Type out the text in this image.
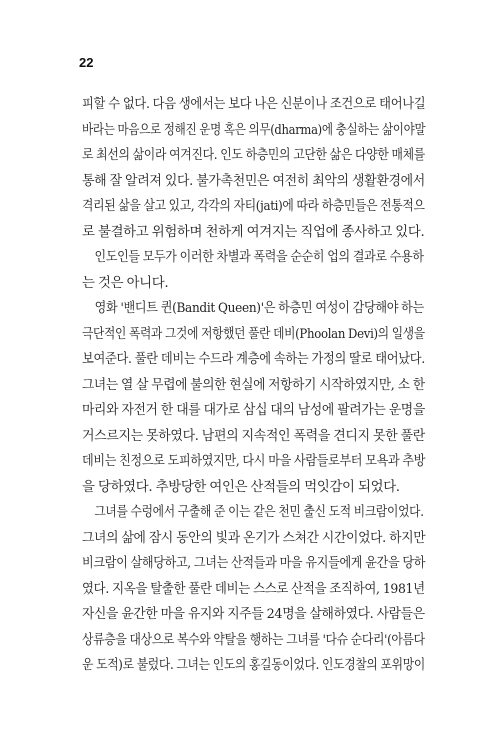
22
피할 수 없다. 다음 생에서는 보다 나은 신분이나 조건으로 태어나길
바라는 마음으로 정해진 운명 혹은 의무(dharma)에 충실하는 삶이야말
로 최선의 삶이라 여겨진다. 인도 하층민의 고단한 삶은 다양한 매체를
통해 잘 알려져 있다. 불가촉천민은 여전히 최악의 생활환경에서
격리된 삶을 살고 있고, 각각의 자티(jati)에 따라 하층민들은 전통적으
로 불결하고 위험하며 천하게 여겨지는 직업에 종사하고 있다.
인도인들 모두가 이러한 차별과 폭력을 순순히 업의 결과로 수용하
는 것은 아니다.
영화 '밴디트 퀸(Bandit Queen)'은 하층민 여성이 감당해야 하는
극단적인 폭력과 그것에 저항했던 풀란 데비(Phoolan Devi)의 일생을
보여준다. 풀란 데비는 수드라 계층에 속하는 가정의 딸로 태어났다.
그녀는 열 살 무렵에 불의한 현실에 저항하기 시작하였지만, 소 한
마리와 자전거 한 대를 대가로 삼십 대의 남성에 팔려가는 운명을
거스르지는 못하였다. 남편의 지속적인 폭력을 견디지 못한 풀란
데비는 친정으로 도피하였지만, 다시 마을 사람들로부터 모욕과 추방
을 당하였다. 추방당한 여인은 산적들의 먹잇감이 되었다.
그녀를 수렁에서 구출해 준 이는 같은 천민 출신 도적 비크람이었다.
그녀의 삶에 잠시 동안의 빛과 온기가 스쳐간 시간이었다. 하지만
비크람이 살해당하고, 그녀는 산적들과 마을 유지들에게 윤간을 당하
였다. 지옥을 탈출한 풀란 데비는 스스로 산적을 조직하여, 1981년
자신을 윤간한 마을 유지와 지주들 24명을 살해하였다. 사람들은
상류층을 대상으로 복수와 약탈을 행하는 그녀를 '다슈 순다리'(아름다
운 도적)로 불렀다. 그녀는 인도의 홍길동이었다. 인도경찰의 포위망이
